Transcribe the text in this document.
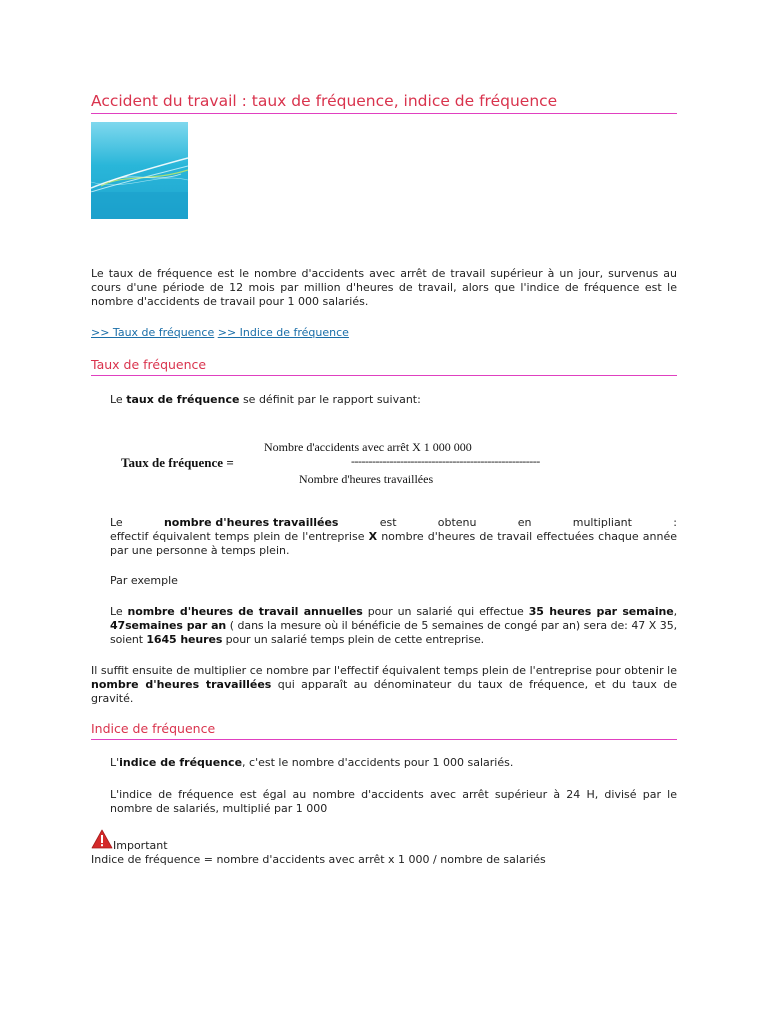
Accident du travail : taux de fréquence, indice de fréquence

Le taux de fréquence est le nombre d'accidents avec arrêt de travail supérieur à un jour, survenus au cours d'une période de 12 mois par million d'heures de travail, alors que l'indice de fréquence est le nombre d'accidents de travail pour 1 000 salariés.

>> Taux de fréquence >> Indice de fréquence
Taux de fréquence

Le taux de fréquence se définit par le rapport suivant:

Nombre d'accidents avec arrêt X 1 000 000
Taux de fréquence =	------------------------------------------------------
Nombre d'heures travaillées
Le	nombre d'heures travaillées	est	obtenu	en	multipliant	:
effectif équivalent temps plein de l'entreprise X nombre d'heures de travail effectuées chaque année par une personne à temps plein.

Par exemple

Le nombre d'heures de travail annuelles pour un salarié qui effectue 35 heures par semaine, 47semaines par an ( dans la mesure où il bénéficie de 5 semaines de congé par an) sera de: 47 X 35, soient 1645 heures pour un salarié temps plein de cette entreprise.

Il suffit ensuite de multiplier ce nombre par l'effectif équivalent temps plein de l'entreprise pour obtenir le nombre d'heures travaillées qui apparaît au dénominateur du taux de fréquence, et du taux de gravité.

Indice de fréquence

L'indice de fréquence, c'est le nombre d'accidents pour 1 000 salariés.

L'indice de fréquence est égal au nombre d'accidents avec arrêt supérieur à 24 H, divisé par le nombre de salariés, multiplié par 1 000

Important
Indice de fréquence = nombre d'accidents avec arrêt x 1 000 / nombre de salariés
